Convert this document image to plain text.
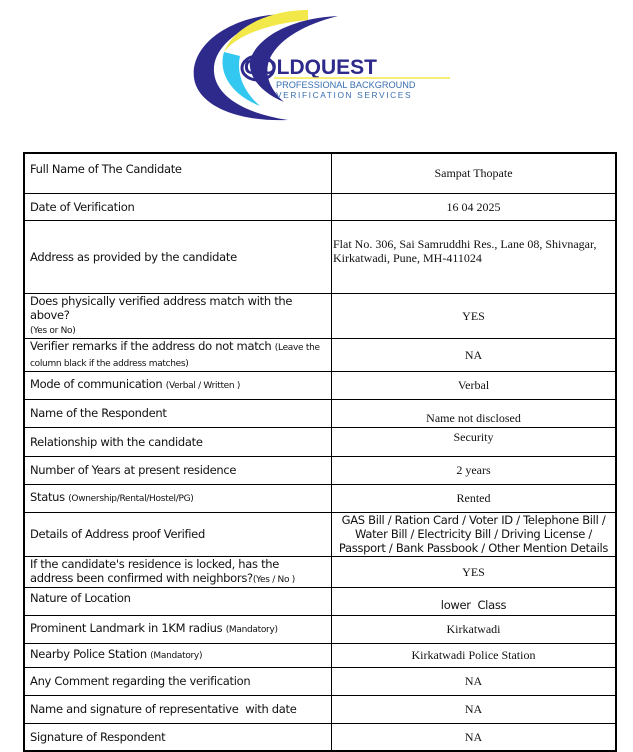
GOLDQUEST
PROFESSIONAL BACKGROUND
VERIFICATION SERVICES
Full Name of The Candidate	Sampat Thopate
Date of Verification	16 04 2025
Address as provided by the candidate	Flat No. 306, Sai Samruddhi Res., Lane 08, Shivnagar, Kirkatwadi, Pune, MH-411024
Does physically verified address match with the above?
(Yes or No)	YES
Verifier remarks if the address do not match (Leave the column black if the address matches)	NA
Mode of communication (Verbal / Written )	Verbal
Name of the Respondent	Name not disclosed
Relationship with the candidate	Security
Number of Years at present residence	2 years
Status (Ownership/Rental/Hostel/PG)	Rented
Details of Address proof Verified	GAS Bill / Ration Card / Voter ID / Telephone Bill / Water Bill / Electricity Bill / Driving License / Passport / Bank Passbook / Other Mention Details
If the candidate's residence is locked, has the address been confirmed with neighbors?(Yes / No )	YES
Nature of Location	lower  Class
Prominent Landmark in 1KM radius (Mandatory)	Kirkatwadi
Nearby Police Station (Mandatory)	Kirkatwadi Police Station
Any Comment regarding the verification	NA
Name and signature of representative  with date	NA
Signature of Respondent	NA
